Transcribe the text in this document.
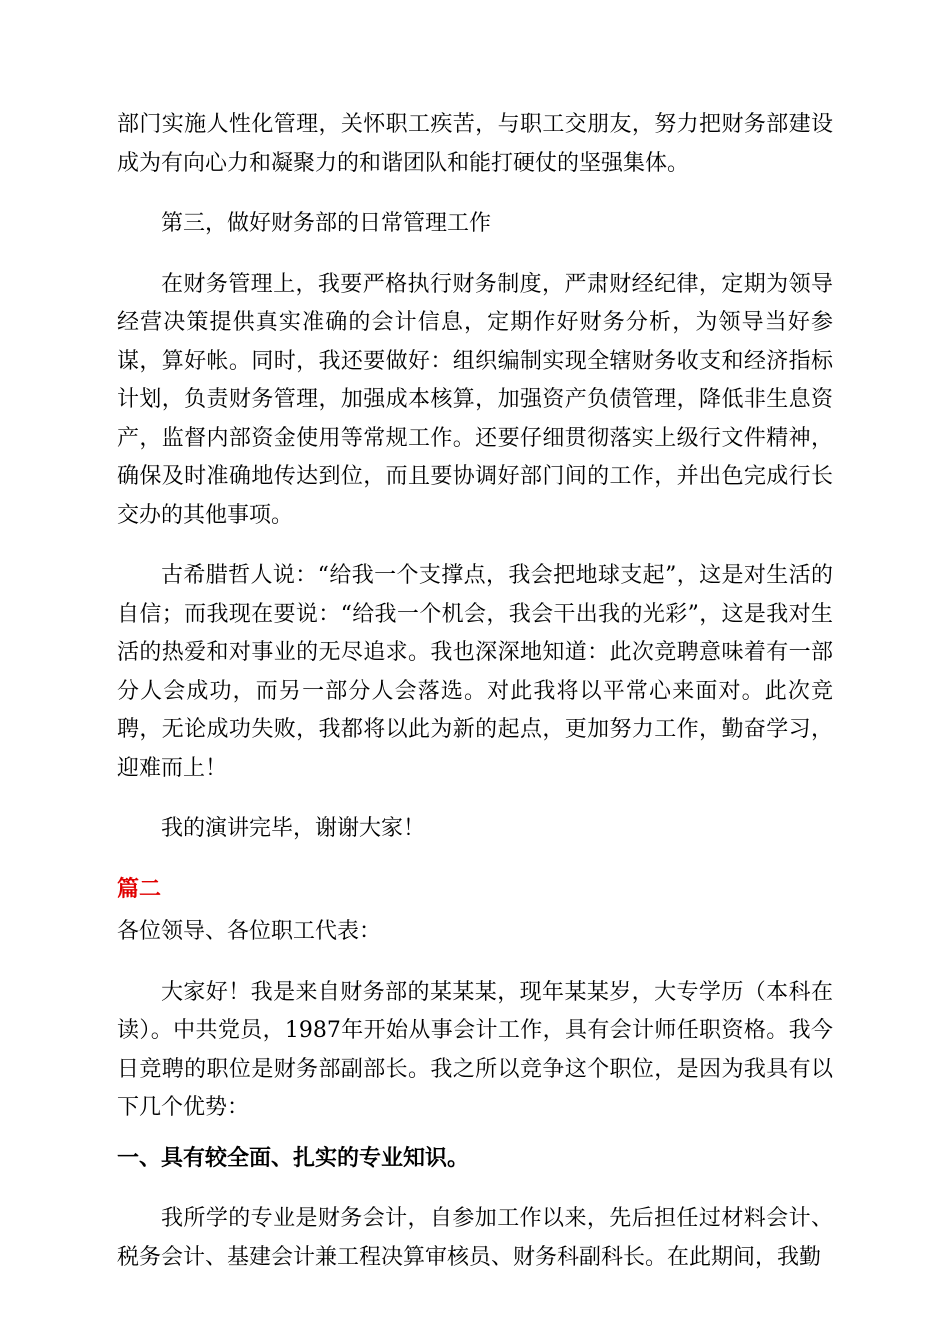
部门实施人性化管理，关怀职工疾苦，与职工交朋友，努力把财务部建设成为有向心力和凝聚力的和谐团队和能打硬仗的坚强集体。

第三，做好财务部的日常管理工作

在财务管理上，我要严格执行财务制度，严肃财经纪律，定期为领导经营决策提供真实准确的会计信息，定期作好财务分析，为领导当好参谋，算好帐。同时，我还要做好：组织编制实现全辖财务收支和经济指标计划，负责财务管理，加强成本核算，加强资产负债管理，降低非生息资产，监督内部资金使用等常规工作。还要仔细贯彻落实上级行文件精神，确保及时准确地传达到位，而且要协调好部门间的工作，并出色完成行长交办的其他事项。

古希腊哲人说：“给我一个支撑点，我会把地球支起”，这是对生活的自信；而我现在要说：“给我一个机会，我会干出我的光彩”，这是我对生活的热爱和对事业的无尽追求。我也深深地知道：此次竞聘意味着有一部分人会成功，而另一部分人会落选。对此我将以平常心来面对。此次竞聘，无论成功失败，我都将以此为新的起点，更加努力工作，勤奋学习，迎难而上！

我的演讲完毕，谢谢大家！

篇二

各位领导、各位职工代表：

大家好！我是来自财务部的某某某，现年某某岁，大专学历（本科在读）。中共党员，1987年开始从事会计工作，具有会计师任职资格。我今日竞聘的职位是财务部副部长。我之所以竞争这个职位，是因为我具有以下几个优势：

一、具有较全面、扎实的专业知识。

我所学的专业是财务会计，自参加工作以来，先后担任过材料会计、税务会计、基建会计兼工程决算审核员、财务科副科长。在此期间，我勤
